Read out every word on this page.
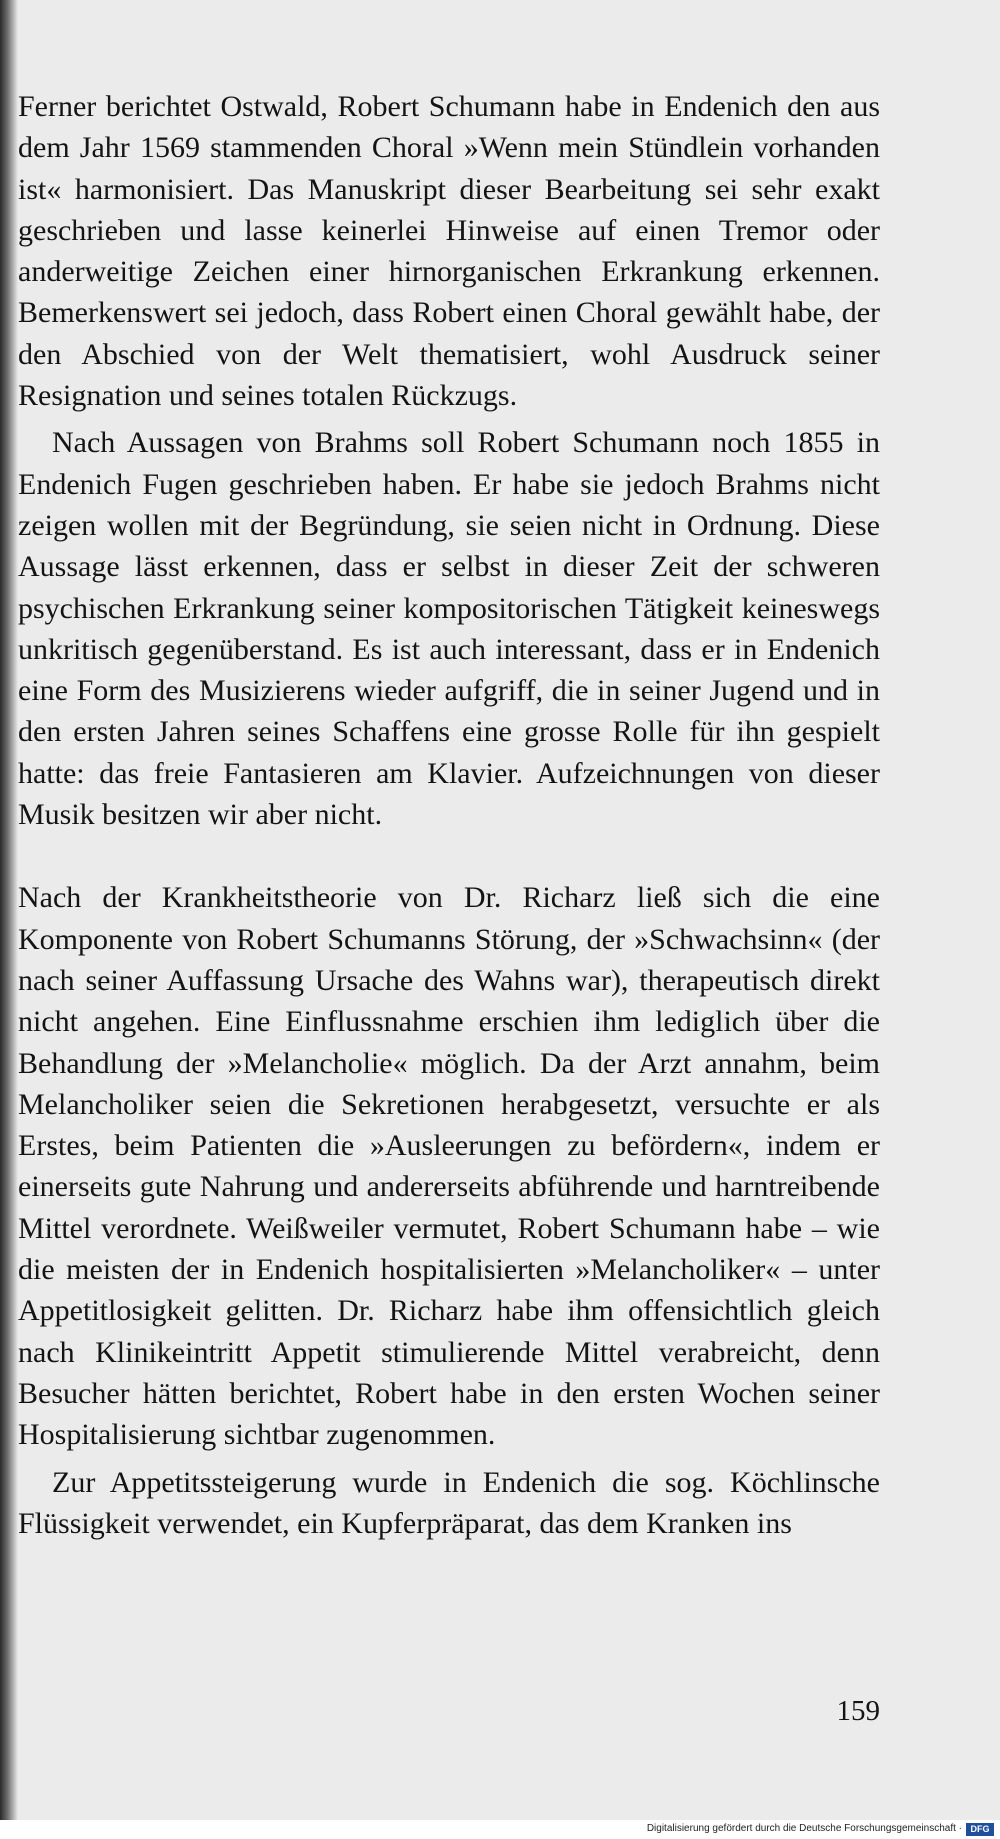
Ferner berichtet Ostwald, Robert Schumann habe in Endenich den aus dem Jahr 1569 stammenden Choral »Wenn mein Stündlein vorhanden ist« harmonisiert. Das Manuskript dieser Bearbeitung sei sehr exakt geschrieben und lasse keinerlei Hinweise auf einen Tremor oder anderweitige Zeichen einer hirnorganischen Erkrankung erkennen. Bemerkenswert sei jedoch, dass Robert einen Choral gewählt habe, der den Abschied von der Welt thematisiert, wohl Ausdruck seiner Resignation und seines totalen Rückzugs.

Nach Aussagen von Brahms soll Robert Schumann noch 1855 in Endenich Fugen geschrieben haben. Er habe sie jedoch Brahms nicht zeigen wollen mit der Begründung, sie seien nicht in Ordnung. Diese Aussage lässt erkennen, dass er selbst in dieser Zeit der schweren psychischen Erkrankung seiner kompositorischen Tätigkeit keineswegs unkritisch gegenüberstand. Es ist auch interessant, dass er in Endenich eine Form des Musizierens wieder aufgriff, die in seiner Jugend und in den ersten Jahren seines Schaffens eine grosse Rolle für ihn gespielt hatte: das freie Fantasieren am Klavier. Aufzeichnungen von dieser Musik besitzen wir aber nicht.

Nach der Krankheitstheorie von Dr. Richarz ließ sich die eine Komponente von Robert Schumanns Störung, der »Schwachsinn« (der nach seiner Auffassung Ursache des Wahns war), therapeutisch direkt nicht angehen. Eine Einflussnahme erschien ihm lediglich über die Behandlung der »Melancholie« möglich. Da der Arzt annahm, beim Melancholiker seien die Sekretionen herabgesetzt, versuchte er als Erstes, beim Patienten die »Ausleerungen zu befördern«, indem er einerseits gute Nahrung und andererseits abführende und harntreibende Mittel verordnete. Weißweiler vermutet, Robert Schumann habe – wie die meisten der in Endenich hospitalisierten »Melancholiker« – unter Appetitlosigkeit gelitten. Dr. Richarz habe ihm offensichtlich gleich nach Klinikeintritt Appetit stimulierende Mittel verabreicht, denn Besucher hätten berichtet, Robert habe in den ersten Wochen seiner Hospitalisierung sichtbar zugenommen.

Zur Appetitssteigerung wurde in Endenich die sog. Köchlinsche Flüssigkeit verwendet, ein Kupferpräparat, das dem Kranken ins

159
Digitalisierung gefördert durch die Deutsche Forschungsgemeinschaft · DFG
